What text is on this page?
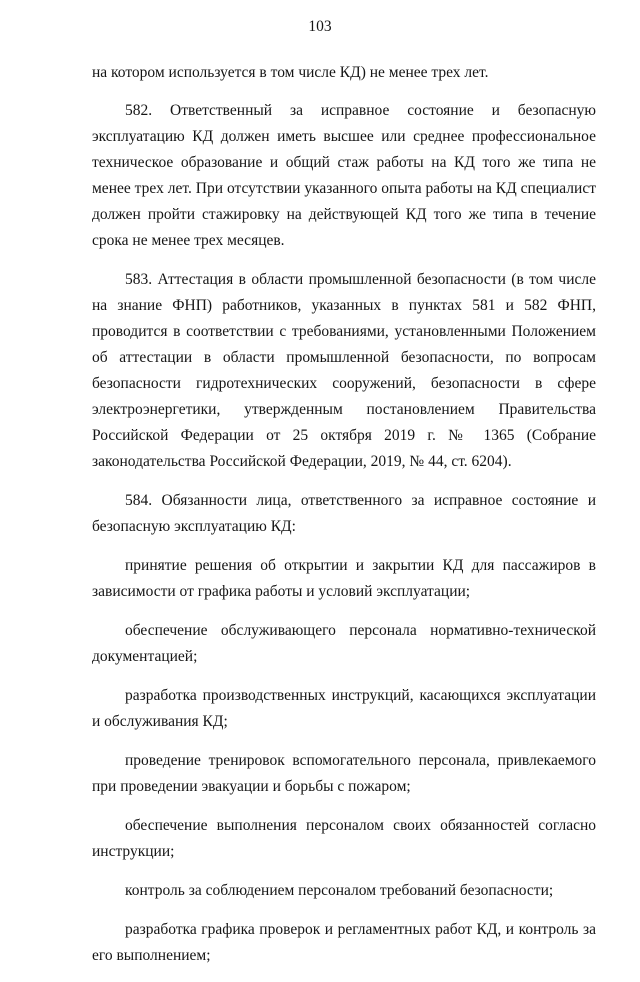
103

на котором используется в том числе КД) не менее трех лет.

582. Ответственный за исправное состояние и безопасную эксплуатацию КД должен иметь высшее или среднее профессиональное техническое образование и общий стаж работы на КД того же типа не менее трех лет. При отсутствии указанного опыта работы на КД специалист должен пройти стажировку на действующей КД того же типа в течение срока не менее трех месяцев.

583. Аттестация в области промышленной безопасности (в том числе на знание ФНП) работников, указанных в пунктах 581 и 582 ФНП, проводится в соответствии с требованиями, установленными Положением об аттестации в области промышленной безопасности, по вопросам безопасности гидротехнических сооружений, безопасности в сфере электроэнергетики, утвержденным постановлением Правительства Российской Федерации от 25 октября 2019 г. № 1365 (Собрание законодательства Российской Федерации, 2019, № 44, ст. 6204).

584. Обязанности лица, ответственного за исправное состояние и безопасную эксплуатацию КД:

принятие решения об открытии и закрытии КД для пассажиров в зависимости от графика работы и условий эксплуатации;

обеспечение обслуживающего персонала нормативно-технической документацией;

разработка производственных инструкций, касающихся эксплуатации и обслуживания КД;

проведение тренировок вспомогательного персонала, привлекаемого при проведении эвакуации и борьбы с пожаром;

обеспечение выполнения персоналом своих обязанностей согласно инструкции;

контроль за соблюдением персоналом требований безопасности;

разработка графика проверок и регламентных работ КД, и контроль за его выполнением;
